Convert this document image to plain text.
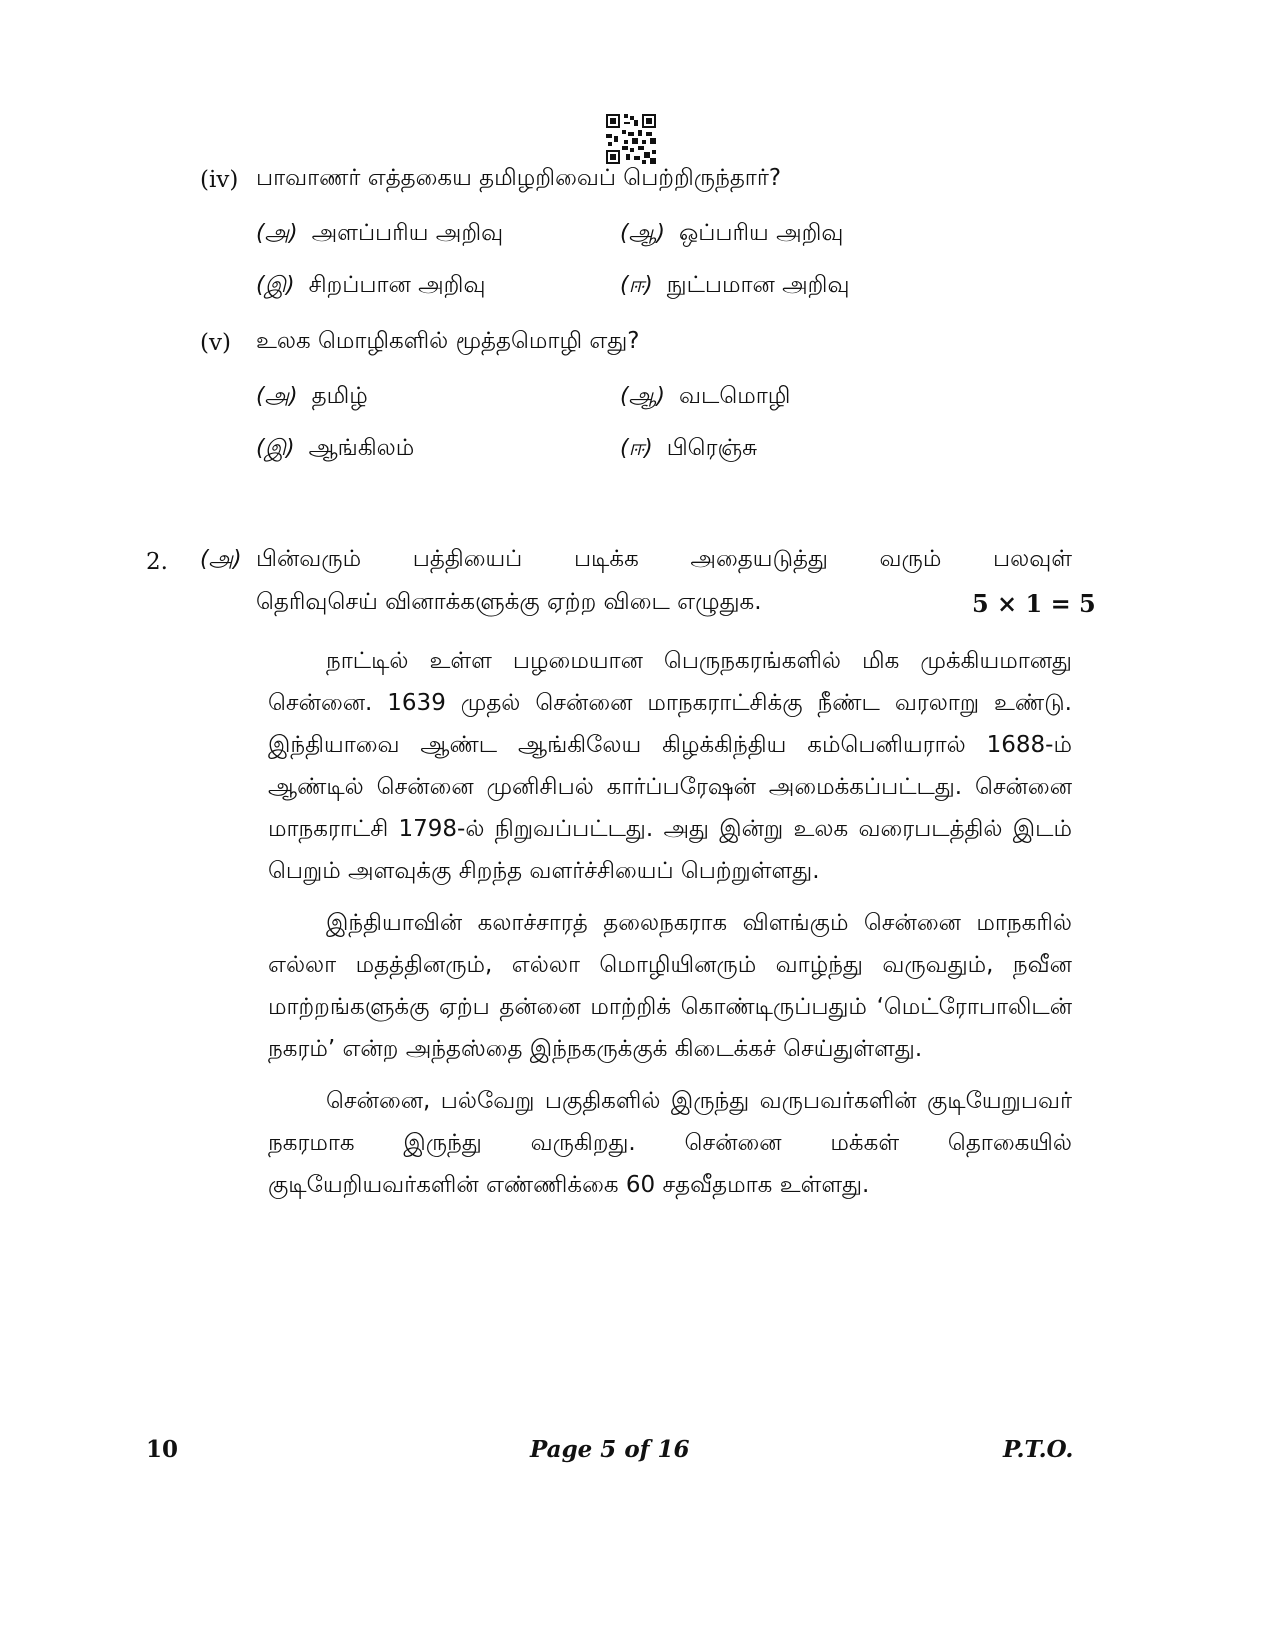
(iv) பாவாணர் எத்தகைய தமிழறிவைப் பெற்றிருந்தார்?
(அ) அளப்பரிய அறிவு	(ஆ) ஒப்பரிய அறிவு
(இ) சிறப்பான அறிவு	(ஈ) நுட்பமான அறிவு
(v) உலக மொழிகளில் மூத்தமொழி எது?
(அ) தமிழ்	(ஆ) வடமொழி
(இ) ஆங்கிலம்	(ஈ) பிரெஞ்சு
2. (அ) பின்வரும் பத்தியைப் படிக்க அதையடுத்து வரும் பலவுள்
தெரிவுசெய் வினாக்களுக்கு ஏற்ற விடை எழுதுக.	5 × 1 = 5

நாட்டில் உள்ள பழமையான பெருநகரங்களில் மிக முக்கியமானது சென்னை. 1639 முதல் சென்னை மாநகராட்சிக்கு நீண்ட வரலாறு உண்டு. இந்தியாவை ஆண்ட ஆங்கிலேய கிழக்கிந்திய கம்பெனியரால் 1688-ம் ஆண்டில் சென்னை முனிசிபல் கார்ப்பரேஷன் அமைக்கப்பட்டது. சென்னை மாநகராட்சி 1798-ல் நிறுவப்பட்டது. அது இன்று உலக வரைபடத்தில் இடம் பெறும் அளவுக்கு சிறந்த வளர்ச்சியைப் பெற்றுள்ளது.

இந்தியாவின் கலாச்சாரத் தலைநகராக விளங்கும் சென்னை மாநகரில் எல்லா மதத்தினரும், எல்லா மொழியினரும் வாழ்ந்து வருவதும், நவீன மாற்றங்களுக்கு ஏற்ப தன்னை மாற்றிக் கொண்டிருப்பதும் ‘மெட்ரோபாலிடன் நகரம்’ என்ற அந்தஸ்தை இந்நகருக்குக் கிடைக்கச் செய்துள்ளது.

சென்னை, பல்வேறு பகுதிகளில் இருந்து வருபவர்களின் குடியேறுபவர் நகரமாக இருந்து வருகிறது. சென்னை மக்கள் தொகையில் குடியேறியவர்களின் எண்ணிக்கை 60 சதவீதமாக உள்ளது.

10	Page 5 of 16	P.T.O.
